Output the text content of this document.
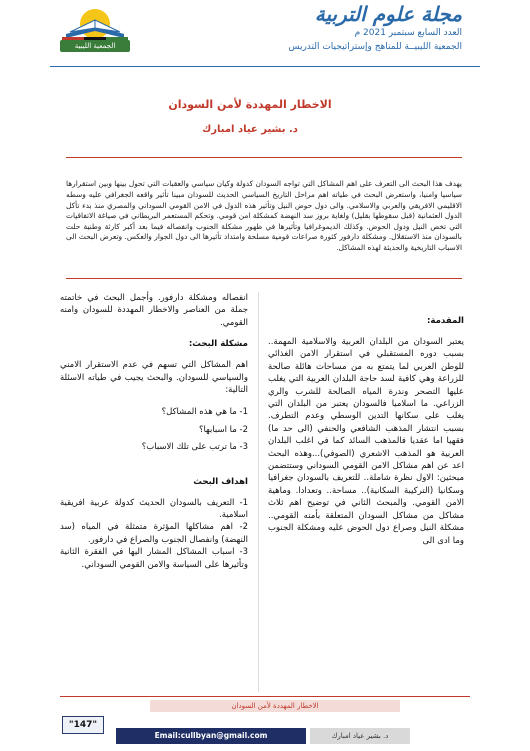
الجمعية الليبية
مجلة علوم التربية
العدد السابع سبتمبر 2021 م
الجمعية الليبيــة للمناهج وإستراتيجيات التدريس
الاخطار المهددة لأمن السودان
د. بشير عياد امبارك

يهدف هذا البحث الى التعرف على اهم المشاكل التي تواجه السودان كدولة وكيان سياسي والعقبات التي تحول بينها وبين استقرارها سياسيا وامنيا، واستعرض البحث في طياته اهم مراحل التاريخ السياسي الحديث للسودان مبينا تأثير واقعه الجغرافي عليه وسطه الاقليمي الافريقي والعربي والاسلامي. والى دول حوض النيل وتأثير هذه الدول في الامن القومي السوداني والمصري منذ بدء تأكل الدول العثمانية (قبل سقوطها بقليل) ولغاية بروز سد النهضة كمشكلة امن قومي. وتحكم المستعمر البريطاني في صياغة الاتفاقيات التي تخص النيل ودول الحوض. وكذلك الديموغرافيا وتأثيرها في ظهور مشكلة الجنوب وانفصاله فيما بعد أكبر كارثة وطنية حلت بالسودان منذ الاستقلال. ومشكلة دارفور كثورة صراعات قومية مسلحة وامتداد تأثيرها الى دول الجوار والعكس. وتعرض البحث الى الاسباب التاريخية والحديثة لهذه المشاكل.

المقدمة:

يعتبر السودان من البلدان العربية والاسلامية المهمة.. بسبب دوره المستقبلي في استقرار الامن الغذائي للوطن العربي لما يتمتع به من مساحات هائلة صالحة للزراعة وهي كافية لسد حاجة البلدان العربية التي يغلب عليها التصحر وندرة المياه الصالحة للشرب والري الزراعي. ما اسلاميا فالسودان يعتبر من البلدان التي يغلب على سكانها التدين الوسطي وعدم التطرف. بسبب انتشار المذهب الشافعي والحنفي (الى حد ما) فقهيا اما عقديا فالمذهب السائد كما في اغلب البلدان العربية هو المذهب الاشعري (الصوفي)...وهذه البحث اعد عن اهم مشاكل الامن القومي السوداني وستتضمن مبحثين: الاول نظرة شاملة.. للتعريف بالسودان جغرافيا وسكانيا (التركيبة السكانية).. مساحة.. وتعدادا. وماهية الامن القومي. والمبحث الثاني في توضيح اهم ثلاث مشاكل من مشاكل السودان المتعلقة بأمنه القومي.. مشكلة النيل وصراع دول الحوض عليه ومشكلة الجنوب وما ادى الى

انفصاله ومشكلة دارفور. وأجمل البحث في خاتمته جملة من العناصر والاخطار المهددة للسودان وامنه القومي.

مشكلة البحث:

اهم المشاكل التي تسهم في عدم الاستقرار الامني والسياسي للسودان. والبحث يجيب في طياته الاسئلة التالية:

1- ما هي هذه المشاكل؟

2- ما اسبابها؟

3- ما ترتب على تلك الاسباب؟

اهداف البحث

1- التعريف بالسودان الحديث كدولة عربية افريقية اسلامية.

2- اهم مشاكلها المؤثرة متمثلة في المياه (سد النهضة) وانفصال الجنوب والصراع في دارفور.

3- اسباب المشاكل المشار اليها في الفقرة الثانية وتأثيرها على السياسة والامن القومي السوداني.

الاخطار المهددة لأمن السودان
"147"
Email:cullbyan@gmail.com	د. بشير عياد امبارك
